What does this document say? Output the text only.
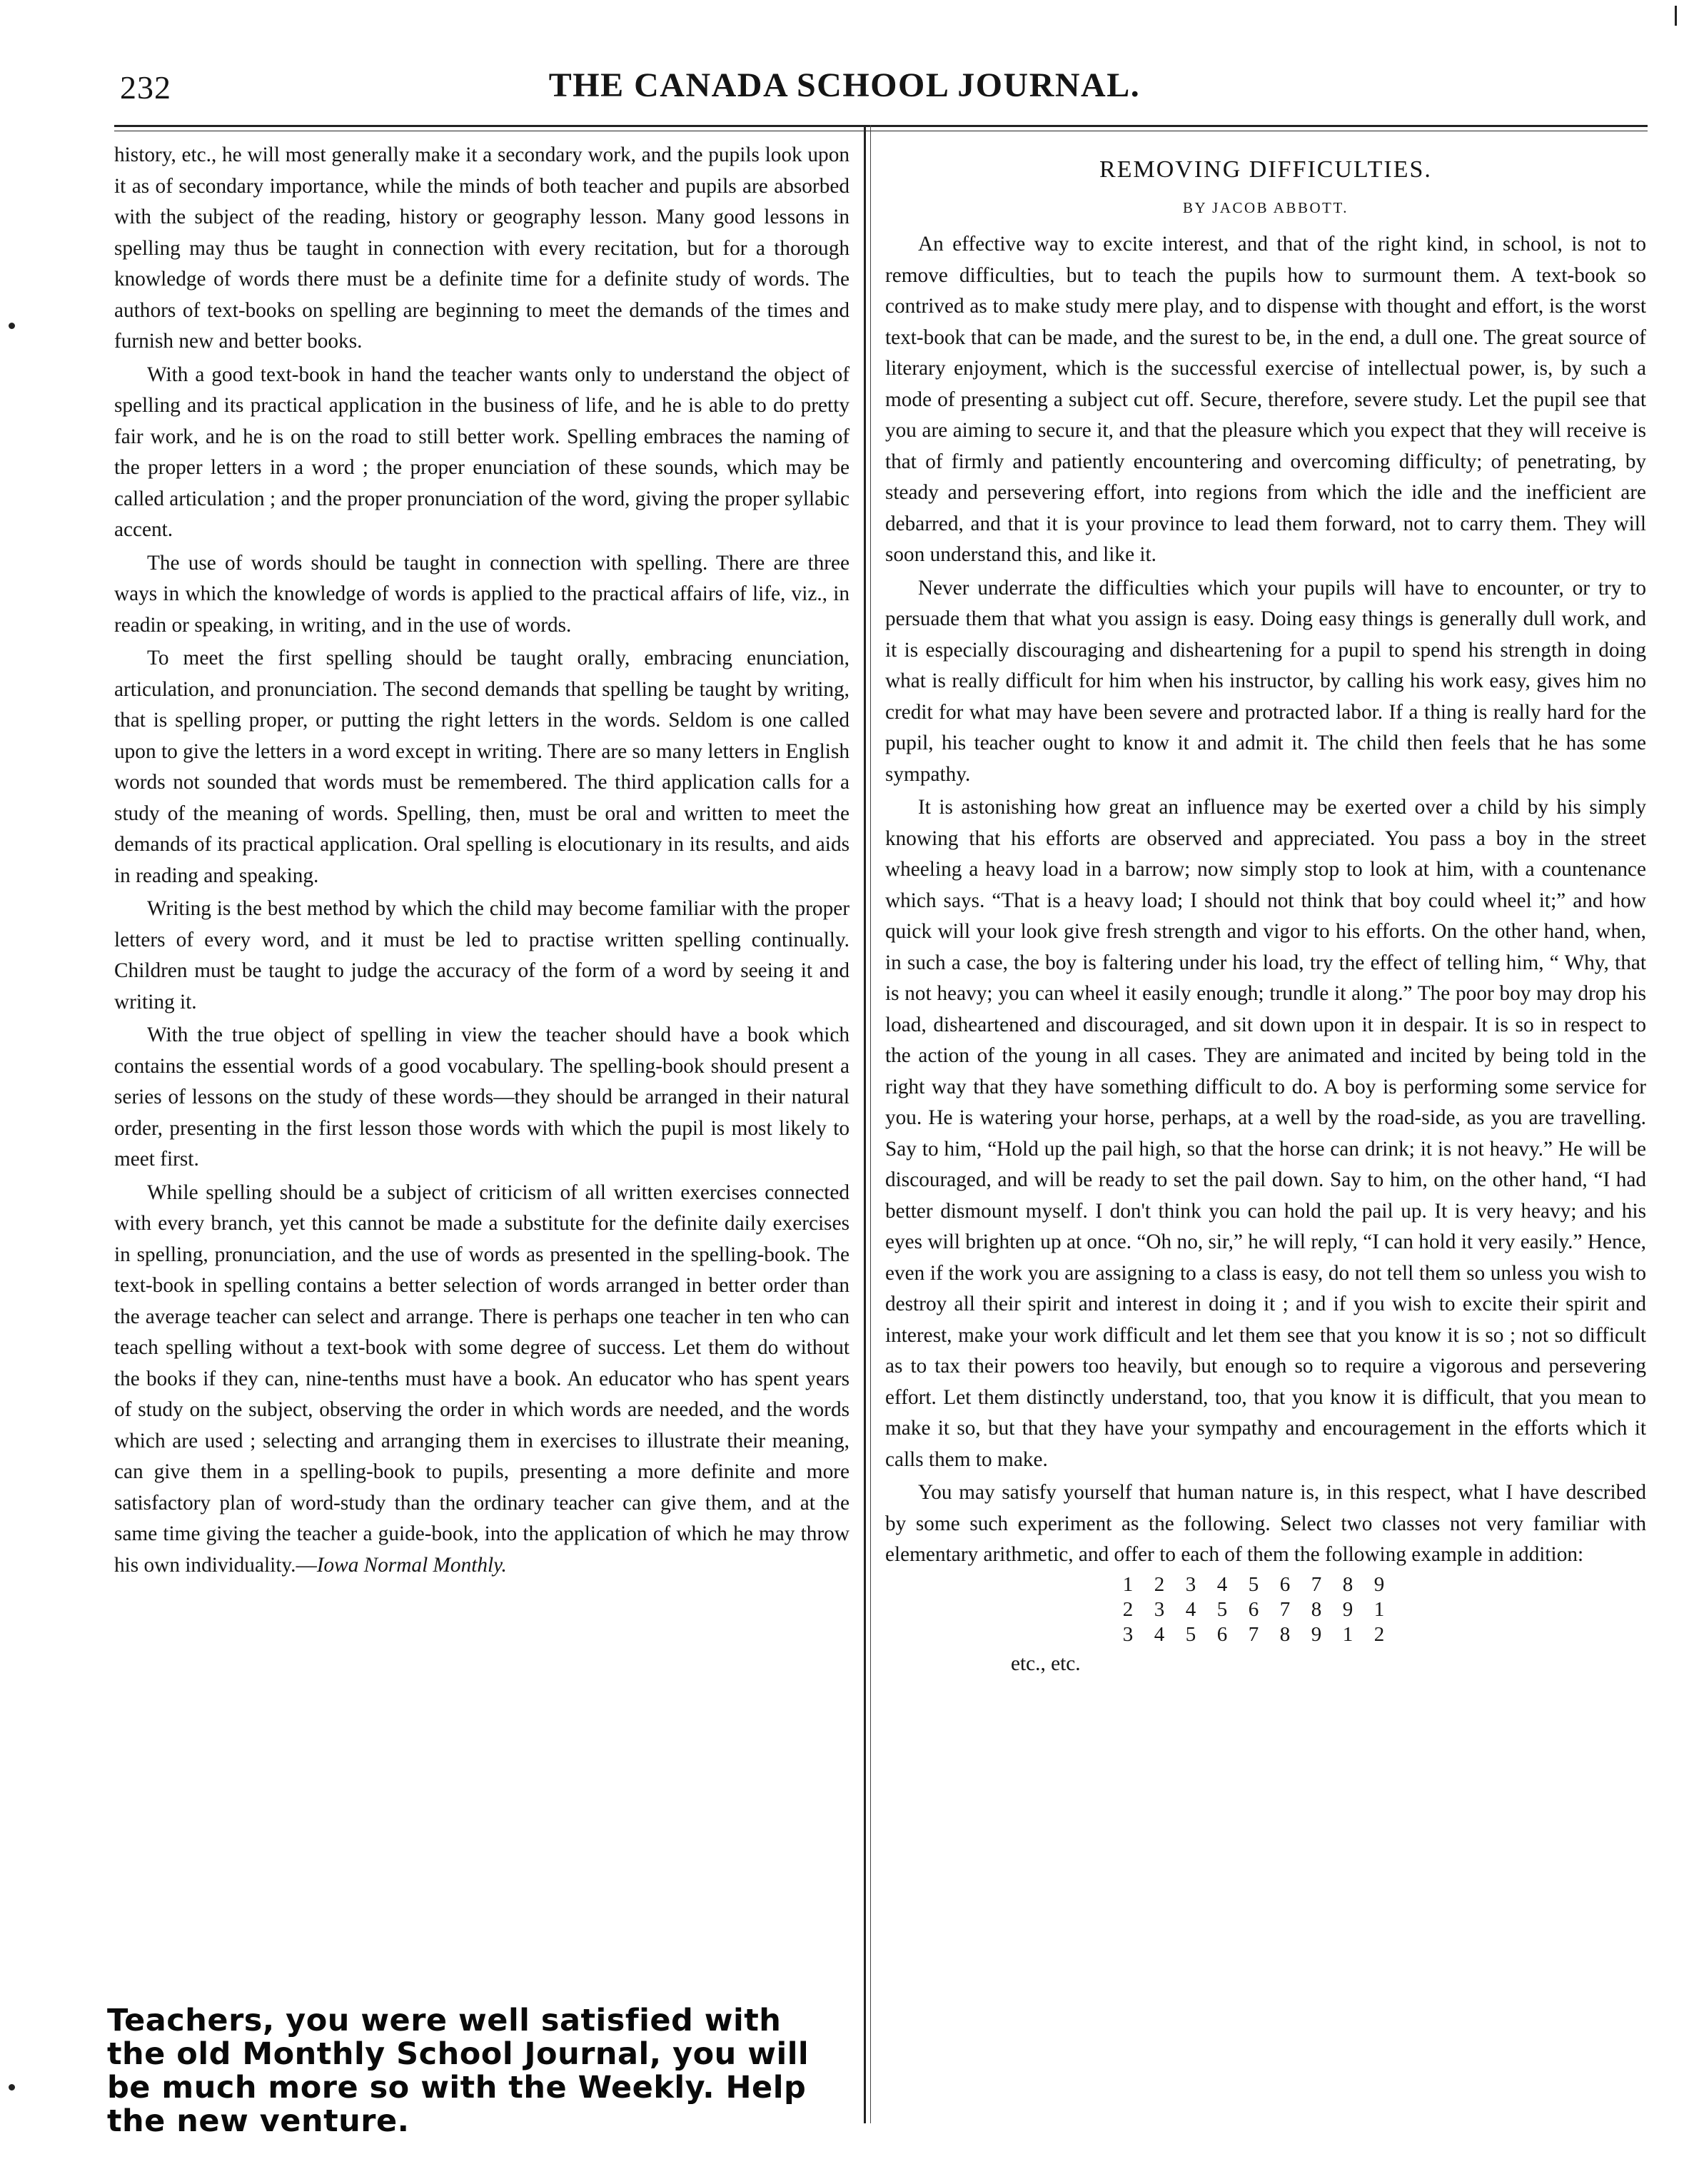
232	THE CANADA SCHOOL JOURNAL.

history, etc., he will most generally make it a secondary work, and the pupils look upon it as of secondary importance, while the minds of both teacher and pupils are absorbed with the subject of the reading, history or geography lesson. Many good lessons in spelling may thus be taught in connection with every recitation, but for a thorough knowledge of words there must be a definite time for a definite study of words. The authors of text-books on spelling are beginning to meet the demands of the times and furnish new and better books.

With a good text-book in hand the teacher wants only to understand the object of spelling and its practical application in the business of life, and he is able to do pretty fair work, and he is on the road to still better work. Spelling embraces the naming of the proper letters in a word ; the proper enunciation of these sounds, which may be called articulation ; and the proper pronunciation of the word, giving the proper syllabic accent.

The use of words should be taught in connection with spelling. There are three ways in which the knowledge of words is applied to the practical affairs of life, viz., in readin or speaking, in writing, and in the use of words.

To meet the first spelling should be taught orally, embracing enunciation, articulation, and pronunciation. The second demands that spelling be taught by writing, that is spelling proper, or putting the right letters in the words. Seldom is one called upon to give the letters in a word except in writing. There are so many letters in English words not sounded that words must be remembered. The third application calls for a study of the meaning of words. Spelling, then, must be oral and written to meet the demands of its practical application. Oral spelling is elocutionary in its results, and aids in reading and speaking.

Writing is the best method by which the child may become familiar with the proper letters of every word, and it must be led to practise written spelling continually. Children must be taught to judge the accuracy of the form of a word by seeing it and writing it.

With the true object of spelling in view the teacher should have a book which contains the essential words of a good vocabulary. The spelling-book should present a series of lessons on the study of these words—they should be arranged in their natural order, presenting in the first lesson those words with which the pupil is most likely to meet first.

While spelling should be a subject of criticism of all written exercises connected with every branch, yet this cannot be made a substitute for the definite daily exercises in spelling, pronunciation, and the use of words as presented in the spelling-book. The text-book in spelling contains a better selection of words arranged in better order than the average teacher can select and arrange. There is perhaps one teacher in ten who can teach spelling without a text-book with some degree of success. Let them do without the books if they can, nine-tenths must have a book. An educator who has spent years of study on the subject, observing the order in which words are needed, and the words which are used ; selecting and arranging them in exercises to illustrate their meaning, can give them in a spelling-book to pupils, presenting a more definite and more satisfactory plan of word-study than the ordinary teacher can give them, and at the same time giving the teacher a guide-book, into the application of which he may throw his own individuality.—Iowa Normal Monthly.

Teachers, you were well satisfied with the old Monthly School Journal, you will be much more so with the Weekly. Help the new venture.
REMOVING DIFFICULTIES.
BY JACOB ABBOTT.

An effective way to excite interest, and that of the right kind, in school, is not to remove difficulties, but to teach the pupils how to surmount them. A text-book so contrived as to make study mere play, and to dispense with thought and effort, is the worst text-book that can be made, and the surest to be, in the end, a dull one. The great source of literary enjoyment, which is the successful exercise of intellectual power, is, by such a mode of presenting a subject cut off. Secure, therefore, severe study. Let the pupil see that you are aiming to secure it, and that the pleasure which you expect that they will receive is that of firmly and patiently encountering and overcoming difficulty; of penetrating, by steady and persevering effort, into regions from which the idle and the inefficient are debarred, and that it is your province to lead them forward, not to carry them. They will soon understand this, and like it.

Never underrate the difficulties which your pupils will have to encounter, or try to persuade them that what you assign is easy. Doing easy things is generally dull work, and it is especially discouraging and disheartening for a pupil to spend his strength in doing what is really difficult for him when his instructor, by calling his work easy, gives him no credit for what may have been severe and protracted labor. If a thing is really hard for the pupil, his teacher ought to know it and admit it. The child then feels that he has some sympathy.

It is astonishing how great an influence may be exerted over a child by his simply knowing that his efforts are observed and appreciated. You pass a boy in the street wheeling a heavy load in a barrow; now simply stop to look at him, with a countenance which says. “That is a heavy load; I should not think that boy could wheel it;” and how quick will your look give fresh strength and vigor to his efforts. On the other hand, when, in such a case, the boy is faltering under his load, try the effect of telling him, “ Why, that is not heavy; you can wheel it easily enough; trundle it along.” The poor boy may drop his load, disheartened and discouraged, and sit down upon it in despair. It is so in respect to the action of the young in all cases. They are animated and incited by being told in the right way that they have something difficult to do. A boy is performing some service for you. He is watering your horse, perhaps, at a well by the road-side, as you are travelling. Say to him, “Hold up the pail high, so that the horse can drink; it is not heavy.” He will be discouraged, and will be ready to set the pail down. Say to him, on the other hand, “I had better dismount myself. I don't think you can hold the pail up. It is very heavy; and his eyes will brighten up at once. “Oh no, sir,” he will reply, “I can hold it very easily.” Hence, even if the work you are assigning to a class is easy, do not tell them so unless you wish to destroy all their spirit and interest in doing it ; and if you wish to excite their spirit and interest, make your work difficult and let them see that you know it is so ; not so difficult as to tax their powers too heavily, but enough so to require a vigorous and persevering effort. Let them distinctly understand, too, that you know it is difficult, that you mean to make it so, but that they have your sympathy and encouragement in the efforts which it calls them to make.

You may satisfy yourself that human nature is, in this respect, what I have described by some such experiment as the following. Select two classes not very familiar with elementary arithmetic, and offer to each of them the following example in addition:

1	2	3	4	5	6	7	8	9
2	3	4	5	6	7	8	9	1
3	4	5	6	7	8	9	1	2
etc., etc.
